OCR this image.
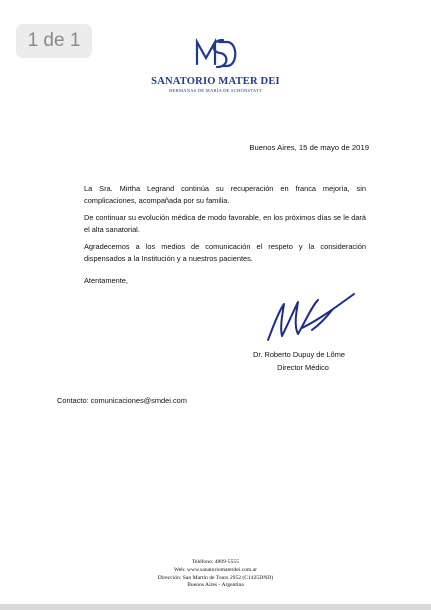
1 de 1
SANATORIO MATER DEI
HERMANAS DE MARÍA DE SCHÖNSTATT
Buenos Aires, 15 de mayo de 2019

La Sra. Mirtha Legrand continúa su recuperación en franca mejoría, sin complicaciones, acompañada por su familia.

De continuar su evolución médica de modo favorable, en los próximos días se le dará el alta sanatorial.

Agradecemos a los medios de comunicación el respeto y la consideración dispensados a la Institución y a nuestros pacientes.

Atentamente,
Dr. Roberto Dupuy de Lôme
Director Médico
Contacto: comunicaciones@smdei.com
Teléfono: 4809-5555
Web: www.sanatoriomaterdei.com.ar
Dirección: San Martín de Tours 2952 (C1425DND)
Buenos Aires - Argentina
